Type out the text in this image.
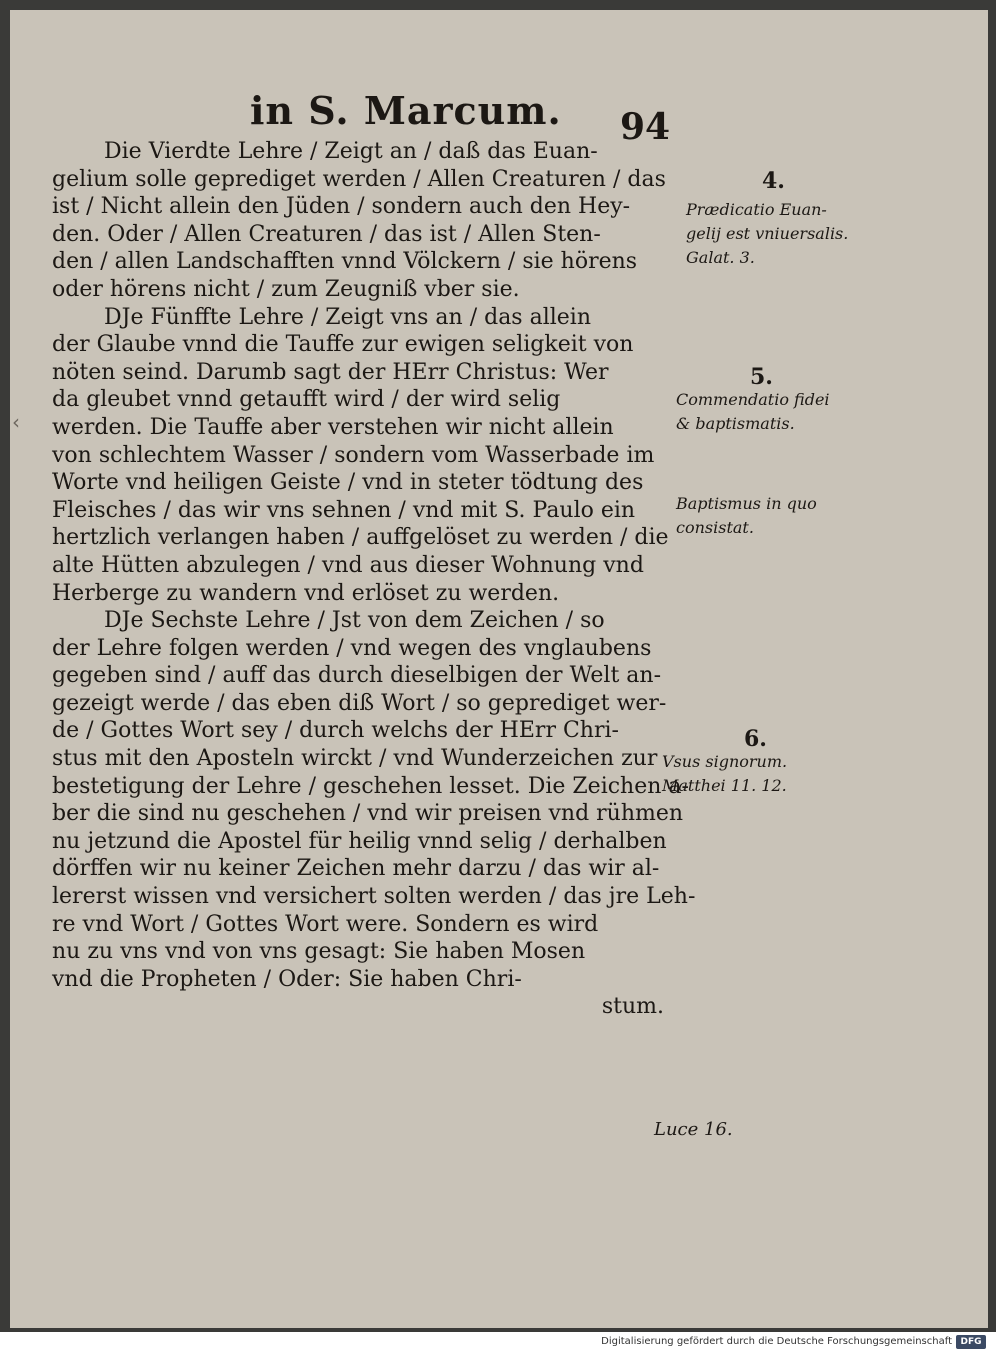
‹
in S. Marcum. 94
Die Vierdte Lehre / Zeigt an / daß das Euan-
gelium solle geprediget werden / Allen Creaturen / das
ist / Nicht allein den Jüden / sondern auch den Hey-
den. Oder / Allen Creaturen / das ist / Allen Sten-
den / allen Landschafften vnnd Völckern / sie hörens
oder hörens nicht / zum Zeugniß vber sie.
DJe Fünffte Lehre / Zeigt vns an / das allein
der Glaube vnnd die Tauffe zur ewigen seligkeit von
nöten seind. Darumb sagt der HErr Christus: Wer
da gleubet vnnd getaufft wird / der wird selig
werden. Die Tauffe aber verstehen wir nicht allein
von schlechtem Wasser / sondern vom Wasserbade im
Worte vnd heiligen Geiste / vnd in steter tödtung des
Fleisches / das wir vns sehnen / vnd mit S. Paulo ein
hertzlich verlangen haben / auffgelöset zu werden / die
alte Hütten abzulegen / vnd aus dieser Wohnung vnd
Herberge zu wandern vnd erlöset zu werden.
DJe Sechste Lehre / Jst von dem Zeichen / so
der Lehre folgen werden / vnd wegen des vnglaubens
gegeben sind / auff das durch dieselbigen der Welt an-
gezeigt werde / das eben diß Wort / so geprediget wer-
de / Gottes Wort sey / durch welchs der HErr Chri-
stus mit den Aposteln wirckt / vnd Wunderzeichen zur
bestetigung der Lehre / geschehen lesset. Die Zeichen a-
ber die sind nu geschehen / vnd wir preisen vnd rühmen
nu jetzund die Apostel für heilig vnnd selig / derhalben
dörffen wir nu keiner Zeichen mehr darzu / das wir al-
lererst wissen vnd versichert solten werden / das jre Leh-
re vnd Wort / Gottes Wort were. Sondern es wird
nu zu vns vnd von vns gesagt: Sie haben Mosen
vnd die Propheten / Oder: Sie haben Chri-
stum.
4.
Prædicatio Euan-
gelij est vniuersalis.
Galat. 3.
5.
Commendatio fidei
& baptismatis.
Baptismus in quo
consistat.
6.
Vsus signorum.
Matthei 11. 12.
Luce 16.
Digitalisierung gefördert durch die Deutsche Forschungsgemeinschaft DFG
